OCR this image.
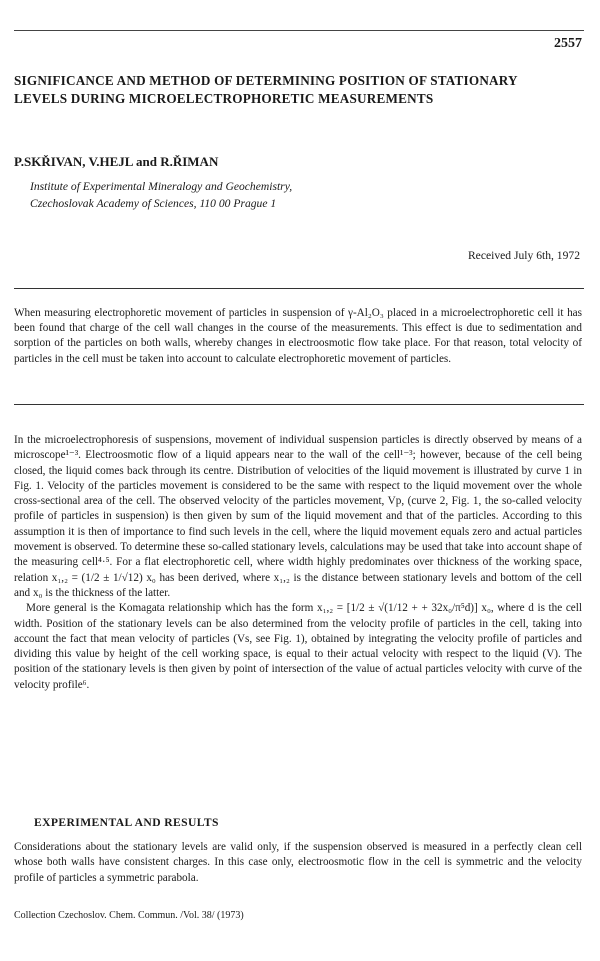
2557
SIGNIFICANCE AND METHOD OF DETERMINING POSITION OF STATIONARY LEVELS DURING MICROELECTROPHORETIC MEASUREMENTS
P.SKŘIVAN, V.HEJL and R.ŘIMAN
Institute of Experimental Mineralogy and Geochemistry,
Czechoslovak Academy of Sciences, 110 00 Prague 1
Received July 6th, 1972
When measuring electrophoretic movement of particles in suspension of γ-Al₂O₃ placed in a microelectrophoretic cell it has been found that charge of the cell wall changes in the course of the measurements. This effect is due to sedimentation and sorption of the particles on both walls, whereby changes in electroosmotic flow take place. For that reason, total velocity of particles in the cell must be taken into account to calculate electrophoretic movement of particles.

In the microelectrophoresis of suspensions, movement of individual suspension particles is directly observed by means of a microscope¹⁻³. Electroosmotic flow of a liquid appears near to the wall of the cell¹⁻³; however, because of the cell being closed, the liquid comes back through its centre. Distribution of velocities of the liquid movement is illustrated by curve 1 in Fig. 1. Velocity of the particles movement is considered to be the same with respect to the liquid movement over the whole cross-sectional area of the cell. The observed velocity of the particles movement, Vp, (curve 2, Fig. 1, the so-called velocity profile of particles in suspension) is then given by sum of the liquid movement and that of the particles. According to this assumption it is then of importance to find such levels in the cell, where the liquid movement equals zero and actual particles movement is observed. To determine these so-called stationary levels, calculations may be used that take into account shape of the measuring cell⁴·⁵. For a flat electrophoretic cell, where width highly predominates over thickness of the working space, relation x₁,₂ = (1/2 ± 1/√12) x₀ has been derived, where x₁,₂ is the distance between stationary levels and bottom of the cell and x₀ is the thickness of the latter.

More general is the Komagata relationship which has the form x₁,₂ = [1/2 ± √(1/12 + + 32x₀/π⁵d)] x₀, where d is the cell width. Position of the stationary levels can be also determined from the velocity profile of particles in the cell, taking into account the fact that mean velocity of particles (Vs, see Fig. 1), obtained by integrating the velocity profile of particles and dividing this value by height of the cell working space, is equal to their actual velocity with respect to the liquid (V). The position of the stationary levels is then given by point of intersection of the value of actual particles velocity with curve of the velocity profile⁶.

EXPERIMENTAL AND RESULTS
Considerations about the stationary levels are valid only, if the suspension observed is measured in a perfectly clean cell whose both walls have consistent charges. In this case only, electroosmotic flow in the cell is symmetric and the velocity profile of particles a symmetric parabola.
Collection Czechoslov. Chem. Commun. /Vol. 38/ (1973)
